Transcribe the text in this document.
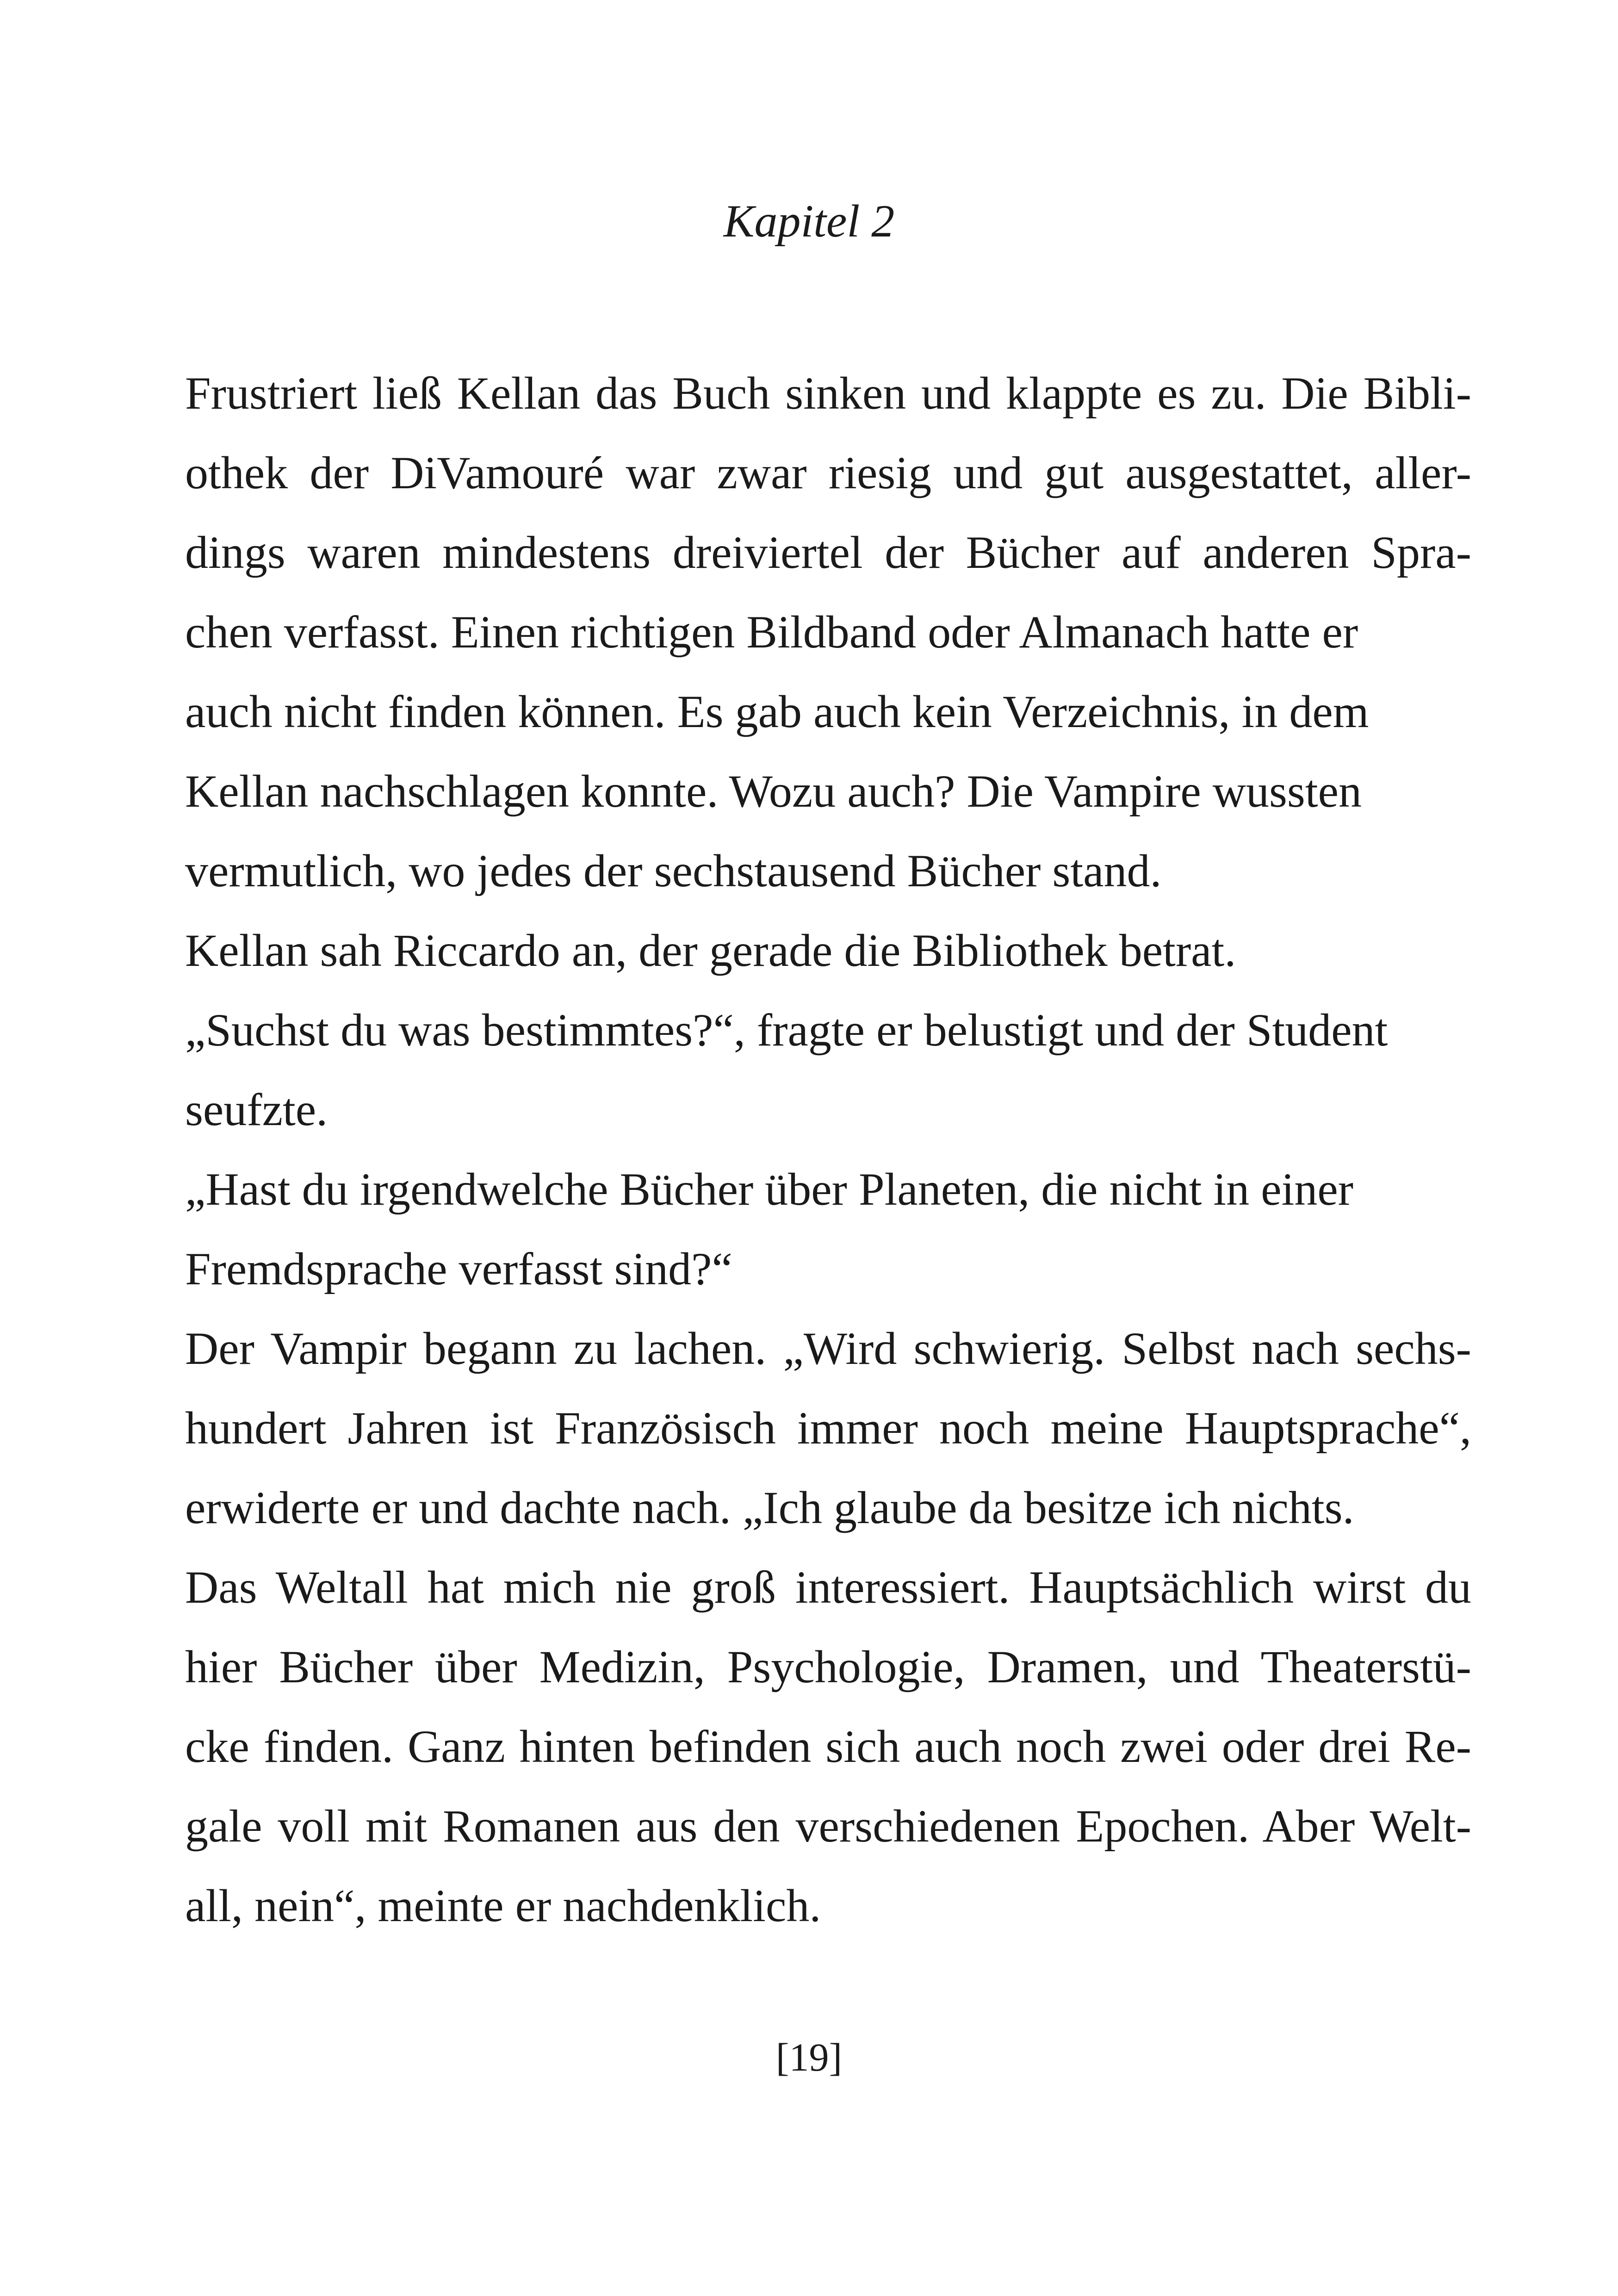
Kapitel 2
Frustriert ließ Kellan das Buch sinken und klappte es zu. Die Bibli-
othek der DiVamouré war zwar riesig und gut ausgestattet, aller-
dings waren mindestens dreiviertel der Bücher auf anderen Spra-
chen verfasst. Einen richtigen Bildband oder Almanach hatte er
auch nicht finden können. Es gab auch kein Verzeichnis, in dem
Kellan nachschlagen konnte. Wozu auch? Die Vampire wussten
vermutlich, wo jedes der sechstausend Bücher stand.
Kellan sah Riccardo an, der gerade die Bibliothek betrat.
„Suchst du was bestimmtes?“, fragte er belustigt und der Student
seufzte.
„Hast du irgendwelche Bücher über Planeten, die nicht in einer
Fremdsprache verfasst sind?“
Der Vampir begann zu lachen. „Wird schwierig. Selbst nach sechs-
hundert Jahren ist Französisch immer noch meine Hauptsprache“,
erwiderte er und dachte nach. „Ich glaube da besitze ich nichts.
Das Weltall hat mich nie groß interessiert. Hauptsächlich wirst du
hier Bücher über Medizin, Psychologie, Dramen, und Theaterstü-
cke finden. Ganz hinten befinden sich auch noch zwei oder drei Re-
gale voll mit Romanen aus den verschiedenen Epochen. Aber Welt-
all, nein“, meinte er nachdenklich.
[19]
